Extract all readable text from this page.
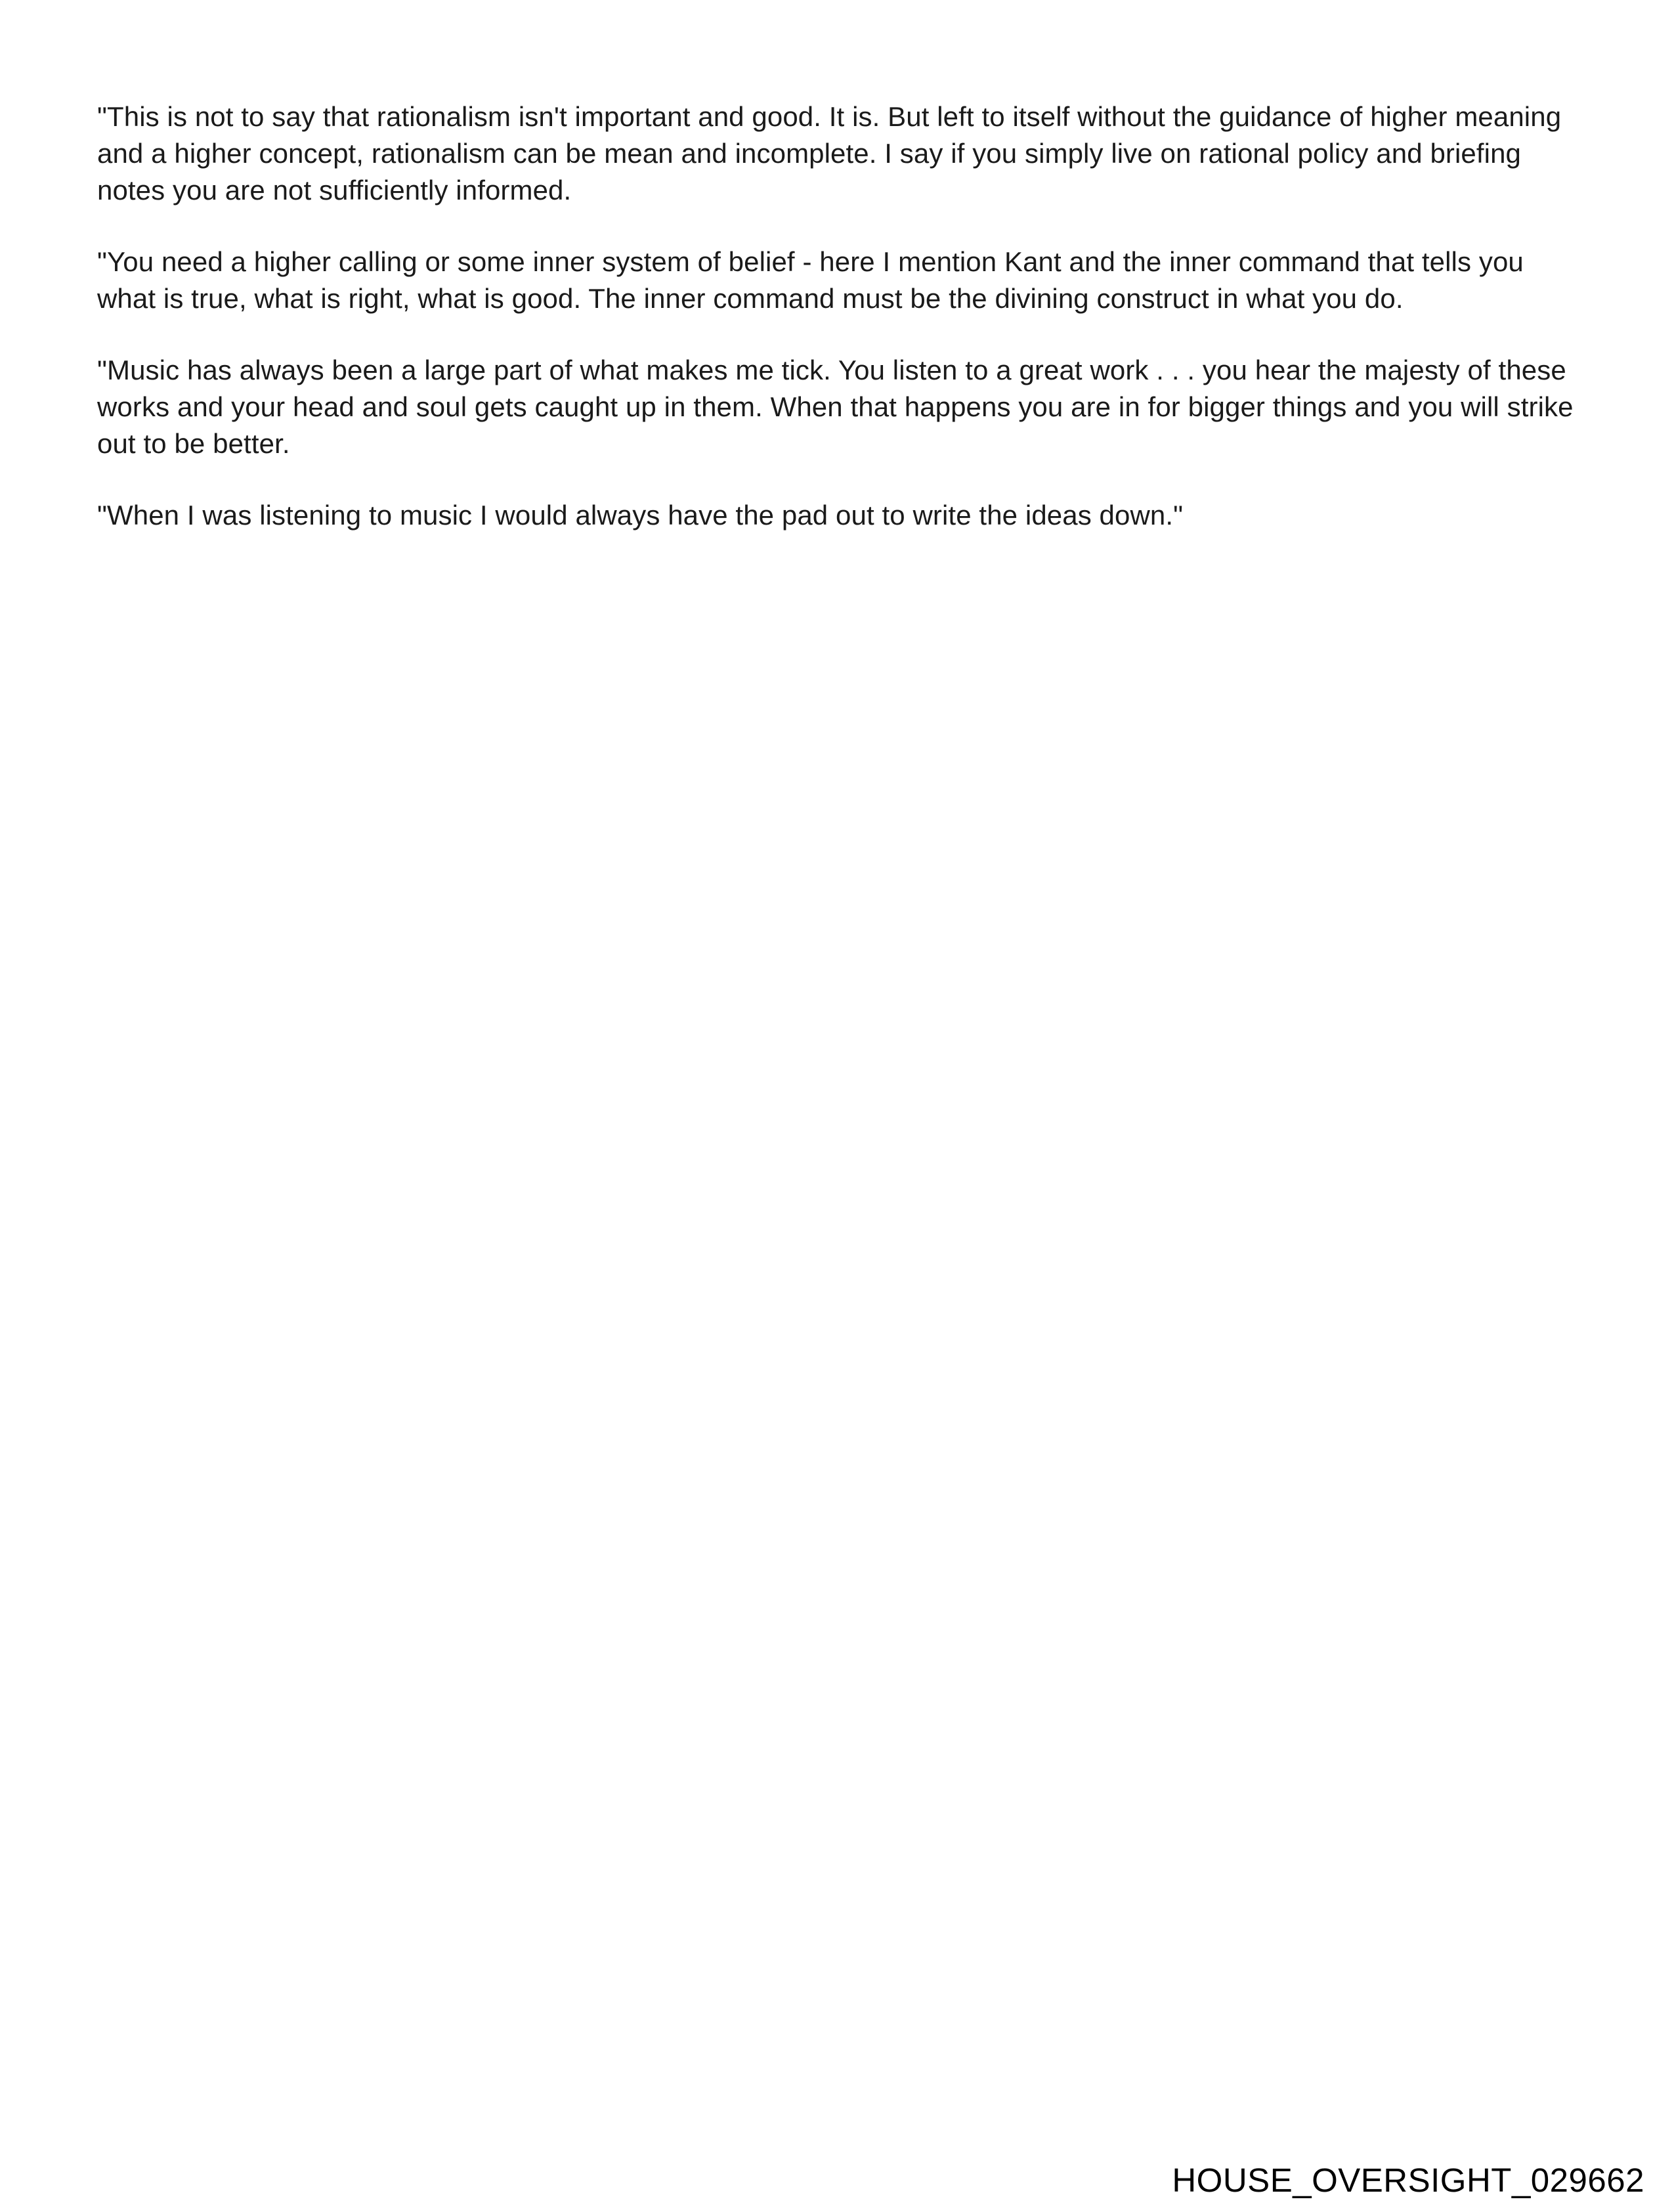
"This is not to say that rationalism isn't important and good. It is. But left to itself without the guidance of higher meaning and a higher concept, rationalism can be mean and incomplete. I say if you simply live on rational policy and briefing notes you are not sufficiently informed.

"You need a higher calling or some inner system of belief - here I mention Kant and the inner command that tells you what is true, what is right, what is good. The inner command must be the divining construct in what you do.

"Music has always been a large part of what makes me tick. You listen to a great work . . . you hear the majesty of these works and your head and soul gets caught up in them. When that happens you are in for bigger things and you will strike out to be better.

"When I was listening to music I would always have the pad out to write the ideas down."

HOUSE_OVERSIGHT_029662
